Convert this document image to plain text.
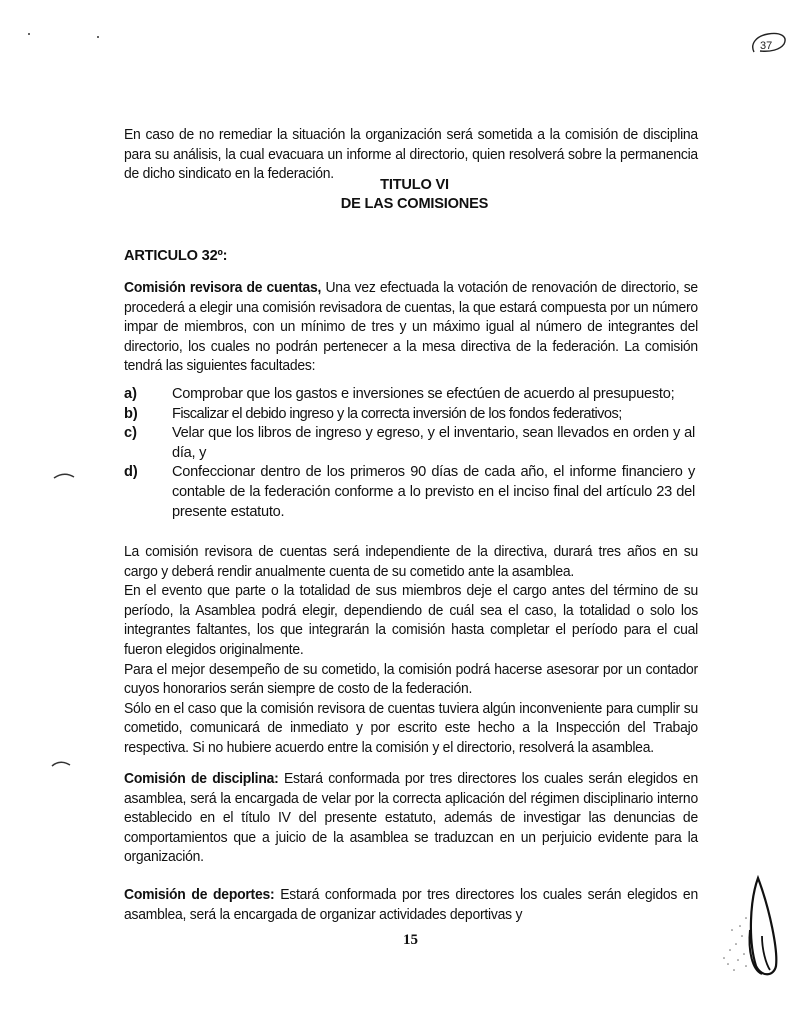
37
En caso de no remediar la situación la organización será sometida a la comisión de disciplina para su análisis, la cual evacuara un informe al directorio, quien resolverá sobre la permanencia de dicho sindicato en la federación.
TITULO VI
DE LAS COMISIONES
ARTICULO 32º:
Comisión revisora de cuentas, Una vez efectuada la votación de renovación de directorio, se procederá a elegir una comisión revisadora de cuentas, la que estará compuesta por un número impar de miembros, con un mínimo de tres y un máximo igual al número de integrantes del directorio, los cuales no podrán pertenecer a la mesa directiva de la federación. La comisión tendrá las siguientes facultades:
a)	Comprobar que los gastos e inversiones se efectúen de acuerdo al presupuesto;
b)	Fiscalizar el debido ingreso y la correcta inversión de los fondos federativos;
c)	Velar que los libros de ingreso y egreso, y el inventario, sean llevados en orden y al día, y
d)	Confeccionar dentro de los primeros 90 días de cada año, el informe financiero y contable de la federación conforme a lo previsto en el inciso final del artículo 23 del presente estatuto.
La comisión revisora de cuentas será independiente de la directiva, durará tres años en su cargo y deberá rendir anualmente cuenta de su cometido ante la asamblea.
En el evento que parte o la totalidad de sus miembros deje el cargo antes del término de su período, la Asamblea podrá elegir, dependiendo de cuál sea el caso, la totalidad o solo los integrantes faltantes, los que integrarán la comisión hasta completar el período para el cual fueron elegidos originalmente.
Para el mejor desempeño de su cometido, la comisión podrá hacerse asesorar por un contador cuyos honorarios serán siempre de costo de la federación.
Sólo en el caso que la comisión revisora de cuentas tuviera algún inconveniente para cumplir su cometido, comunicará de inmediato y por escrito este hecho a la Inspección del Trabajo respectiva. Si no hubiere acuerdo entre la comisión y el directorio, resolverá la asamblea.
Comisión de disciplina: Estará conformada por tres directores los cuales serán elegidos en asamblea, será la encargada de velar por la correcta aplicación del régimen disciplinario interno establecido en el título IV del presente estatuto, además de investigar las denuncias de comportamientos que a juicio de la asamblea se traduzcan en un perjuicio evidente para la organización.
Comisión de deportes: Estará conformada por tres directores los cuales serán elegidos en asamblea, será la encargada de organizar actividades deportivas y
15
